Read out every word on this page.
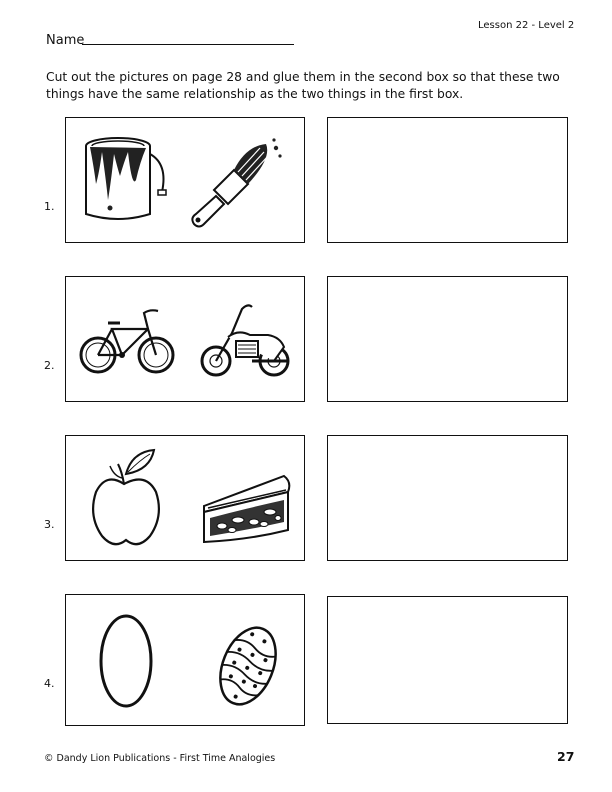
Lesson 22 - Level 2
Name

Cut out the pictures on page 28 and glue them in the second box so that these two things have the same relationship as the two things in the first box.

1.
2.
3.
4.
© Dandy Lion Publications - First Time Analogies	27
